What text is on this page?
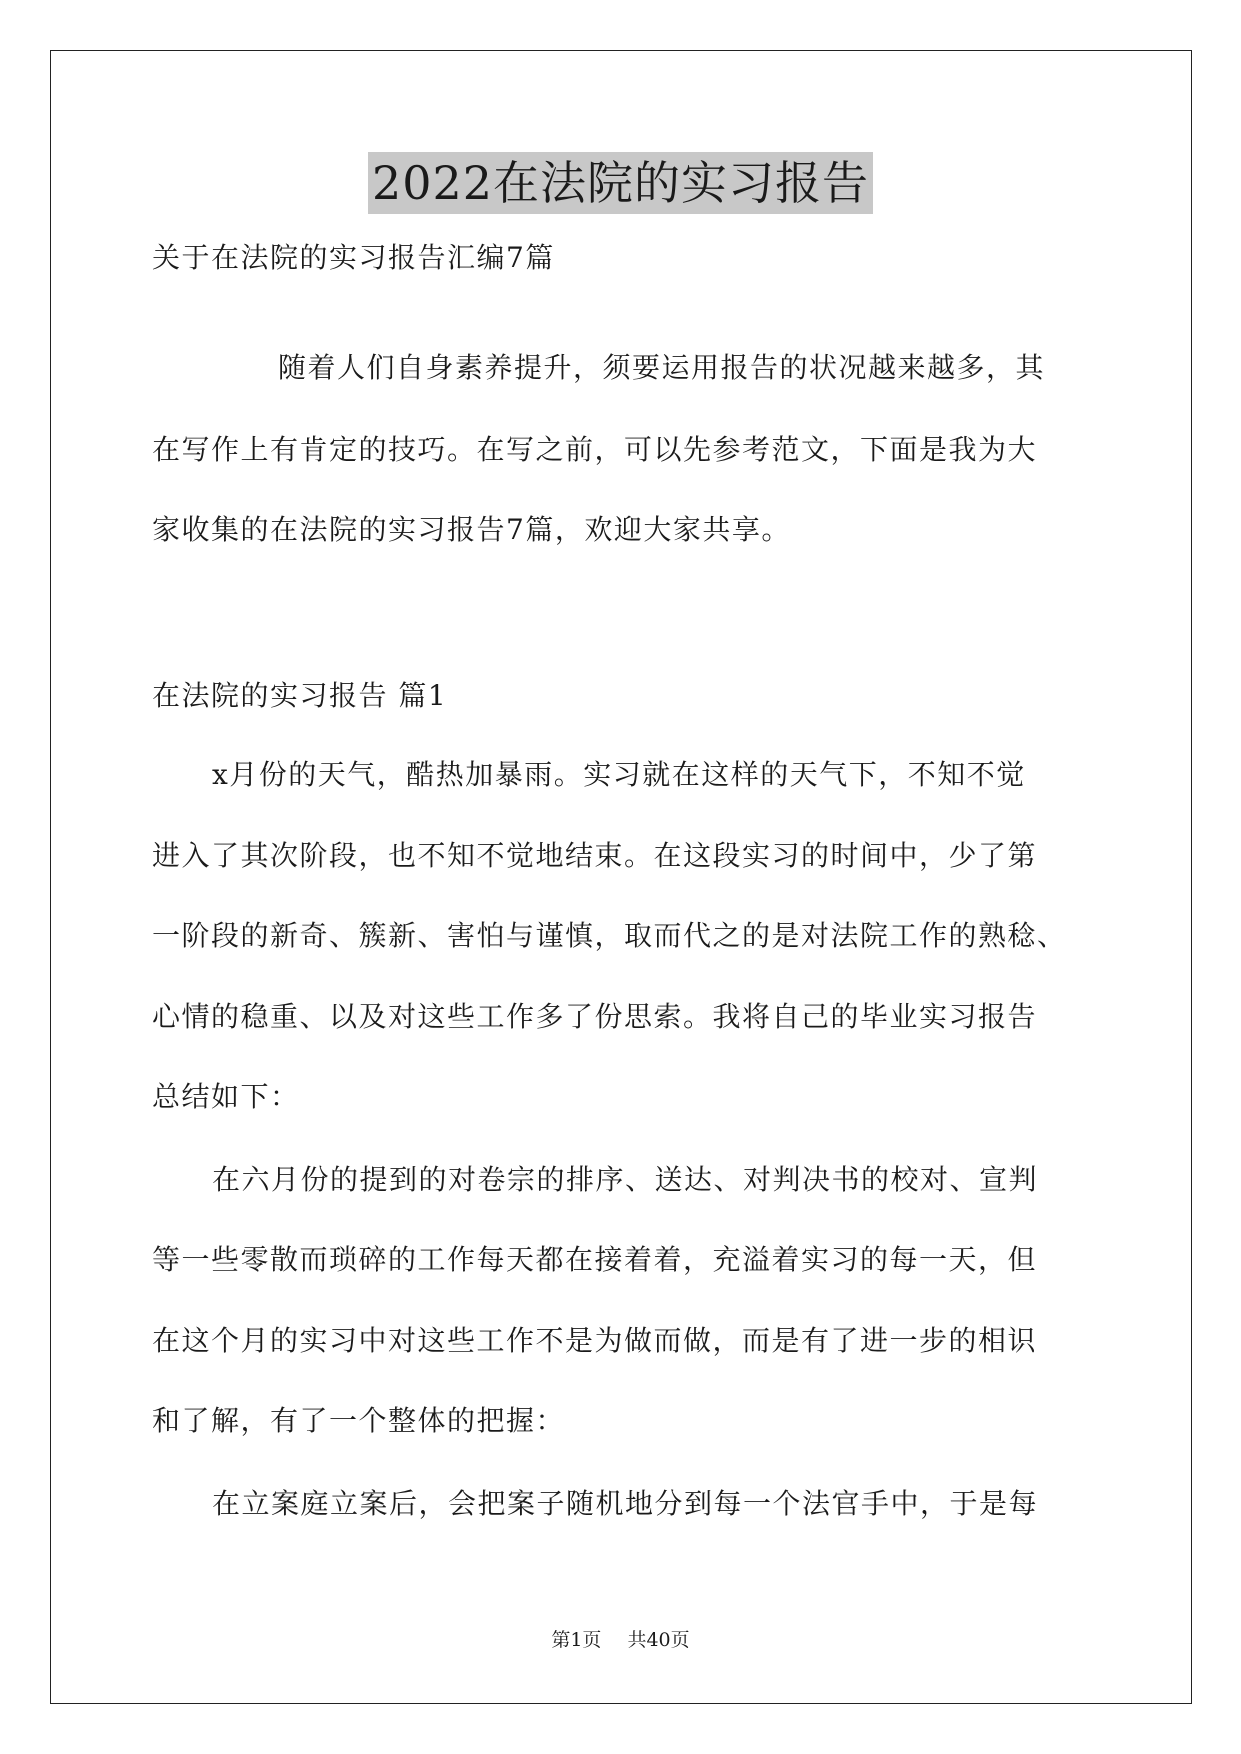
2022在法院的实习报告
关于在法院的实习报告汇编7篇
随着人们自身素养提升，须要运用报告的状况越来越多，其
在写作上有肯定的技巧。在写之前，可以先参考范文，下面是我为大
家收集的在法院的实习报告7篇，欢迎大家共享。
在法院的实习报告 篇1
x月份的天气，酷热加暴雨。实习就在这样的天气下，不知不觉
进入了其次阶段，也不知不觉地结束。在这段实习的时间中，少了第
一阶段的新奇、簇新、害怕与谨慎，取而代之的是对法院工作的熟稔、
心情的稳重、以及对这些工作多了份思索。我将自己的毕业实习报告
总结如下：
在六月份的提到的对卷宗的排序、送达、对判决书的校对、宣判
等一些零散而琐碎的工作每天都在接着着，充溢着实习的每一天，但
在这个月的实习中对这些工作不是为做而做，而是有了进一步的相识
和了解，有了一个整体的把握：
在立案庭立案后，会把案子随机地分到每一个法官手中，于是每
第1页 共40页
